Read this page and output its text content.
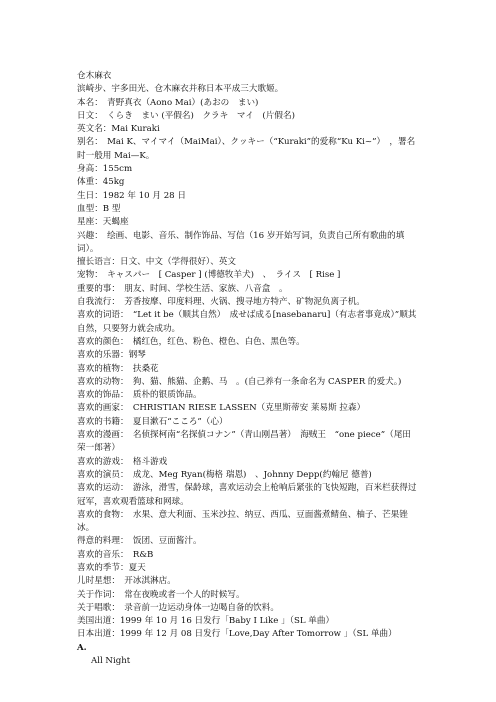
仓木麻衣

滨崎步、宇多田光、仓木麻衣并称日本平成三大歌姬。

本名：　青野真衣（Aono Mai）(あおの　まい)

日文：　くらき　まい (平假名)　クラキ　マイ　(片假名)

英文名：Mai Kuraki

别名：　Mai K、マイマイ（MaiMai）、クッキー（“Kuraki”的爱称“Ku Ki~”）　，署名时一般用 Mai—K。

身高：155cm

体重：45kg

生日：1982 年 10 月 28 日

血型：B 型

星座：天蝎座

兴趣：　绘画、电影、音乐、制作饰品、写信（16 岁开始写词，负责自己所有歌曲的填词）。

擅长语言：日文、中文（学得很好）、英文

宠物：　キャスパー　[ Casper ] (博德牧羊犬)　、　ライス　[ Rise ]

重要的事：　朋友、时间、学校生活、家族、八音盒　。

自我流行：　芳香按摩、印度料理、火锅、搜寻地方特产、矿物泥负离子机。

喜欢的词语：　“Let it be（顺其自然）　成せば成る[nasebanaru]（有志者事竟成）”顺其自然，只要努力就会成功。

喜欢的颜色：　橘红色，红色、粉色、橙色、白色、黑色等。

喜欢的乐器：钢琴

喜欢的植物：　扶桑花

喜欢的动物：　狗、猫、熊猫、企鹅、马　。(自己养有一条命名为 CASPER 的爱犬。)

喜欢的饰品：　质朴的银质饰品。

喜欢的画家：　CHRISTIAN RIESE LASSEN（克里斯蒂安 莱易斯 拉森）

喜欢的书籍：　夏目漱石“こころ”（心）

喜欢的漫画：　名侦探柯南“名探偵コナン”（青山刚昌著）　海贼王　“one piece”（尾田荣一郎著）

喜欢的游戏：　格斗游戏

喜欢的演员：　成龙、Meg Ryan(梅格 瑞恩)　、Johnny Depp(约翰尼 德普)

喜欢的运动：　游泳，滑雪，保龄球，喜欢运动会上枪响后紧张的飞快短跑，百米栏获得过冠军，喜欢观看篮球和网球。

喜欢的食物：　水果、意大利面、玉米沙拉、纳豆、西瓜、豆面酱煮鲭鱼、柚子、芒果锉冰。

得意的料理：　饭团、豆面酱汁。

喜欢的音乐：　R&B

喜欢的季节：夏天

儿时星想：　开冰淇淋店。

关于作词：　常在夜晚或者一个人的时候写。

关于唱歌：　录音前一边运动身体一边喝自备的饮料。

美国出道：1999 年 10 月 16 日发行「Baby I Like 」（SL 单曲）

日本出道：1999 年 12 月 08 日发行「Love,Day After Tomorrow 」（SL 单曲）

A.

All Night
